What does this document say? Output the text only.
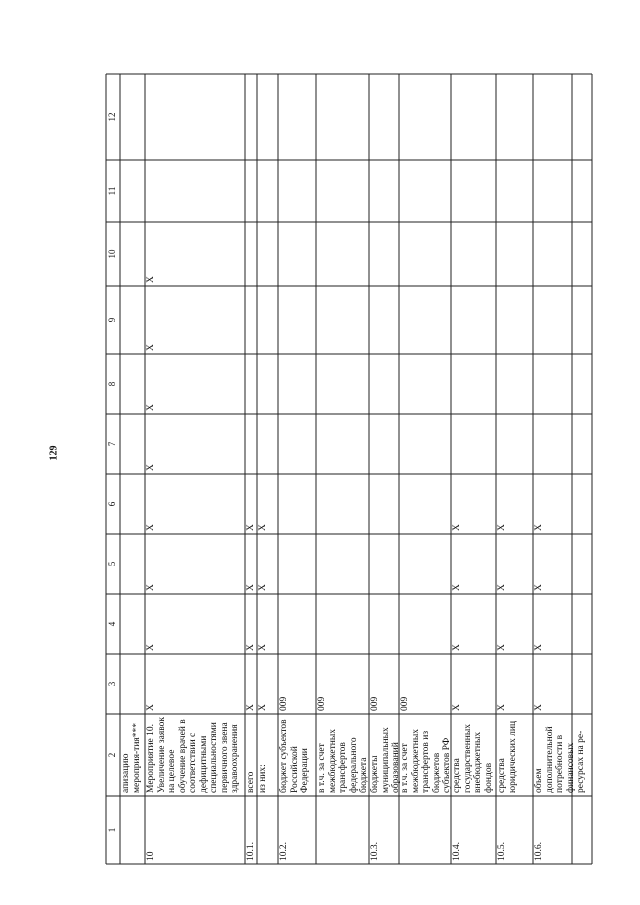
129
1
2
3
4
5
6
7
8
9
10
11
12
апизацию мероприя-тия***
10
Мероприятие 10. Увеличение заявок на целевое обучение врачей в соответствии с дефицитными специальностями первичного звена здравоохранения
X
X
X
X
X
X
X
X
10.1.
всего
X
X
X
X
из них:
X
X
X
X
10.2.
бюджет субъектов Российской Федерации
009
в т.ч. за счет межбюджетных трансфертов федерального бюджета
009
10.3.
бюджеты муниципальных образований
009
в т.ч. за счет межбюджетных трансфертов из бюджетов субъектов РФ
009
10.4.
средства государственных внебюджетных фондов
X
X
X
X
10.5.
средства юридических лиц
X
X
X
X
10.6.
объем дополнительной потребности в финансовых ресурсах на ре-
X
X
X
X
